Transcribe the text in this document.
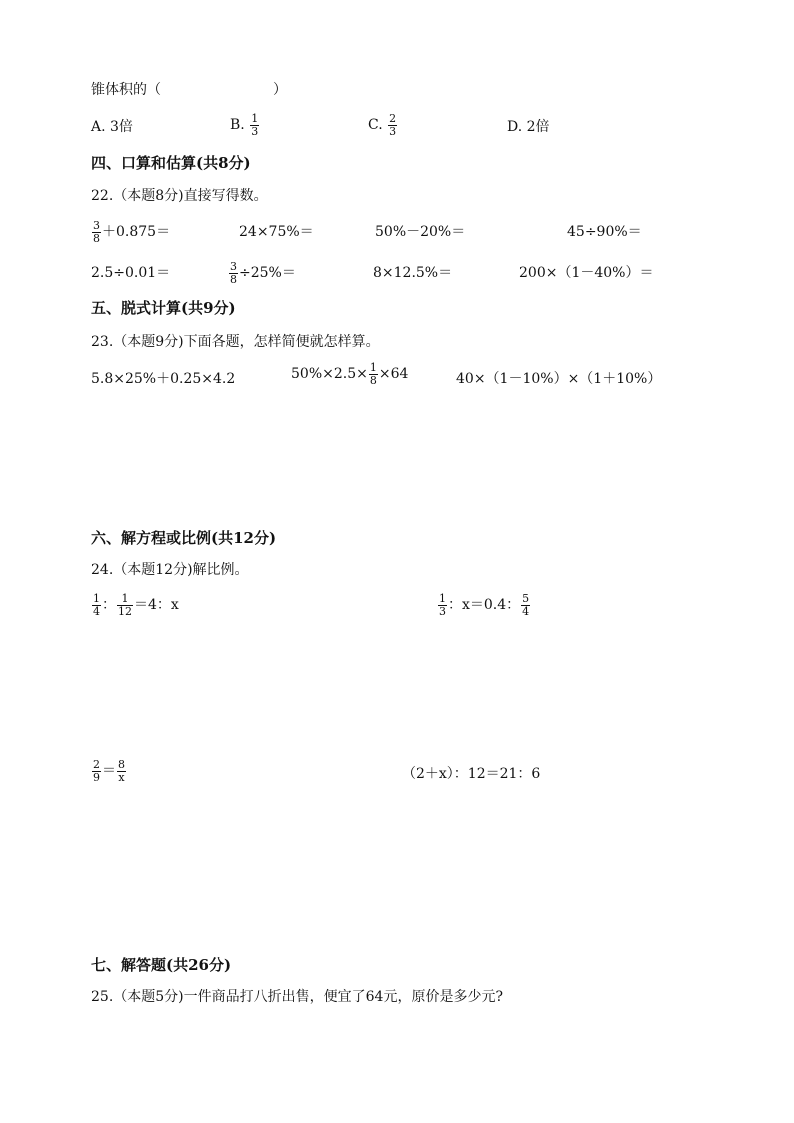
锥体积的（	）
A. 3倍	B.
$\frac{1}{3}$	C.
$\frac{2}{3}$	D. 2倍
四、口算和估算(共8分)
22.（本题8分)直接写得数。
$\frac{3}{8} +0.875=$	24×75%＝	50%－20%＝	45÷90%＝
2.5÷0.01＝	$\frac{3}{8} \div 25\%=$	8×12.5%＝	200×（1－40%）＝
五、脱式计算(共9分)
23.（本题9分)下面各题，怎样简便就怎样算。
5.8×25%＋0.25×4.2	$50\%\times 2.5\times \frac{1}{8} \times 64$	40×（1－10%）×（1＋10%）
六、解方程或比例(共12分)
24.（本题12分)解比例。
$\frac{1}{4}$ ： $\frac{1}{12} =4$：x	$\frac{1}{3}$ ：x＝0.4： $\frac{5}{4}$
$\frac{2}{9} = \frac{8}{x}$	（2＋x）：12＝21：6
七、解答题(共26分)
25.（本题5分)一件商品打八折出售，便宜了64元，原价是多少元?
